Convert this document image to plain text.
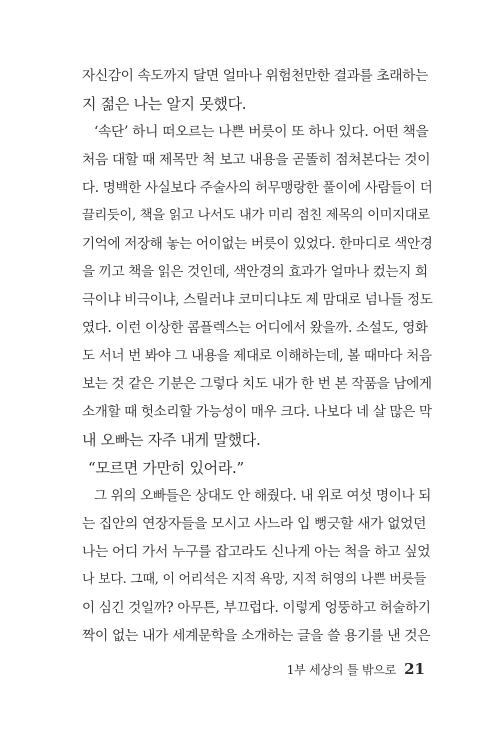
자신감이 속도까지 달면 얼마나 위험천만한 결과를 초래하는
지 젊은 나는 알지 못했다.
‘속단’ 하니 떠오르는 나쁜 버릇이 또 하나 있다. 어떤 책을
처음 대할 때 제목만 척 보고 내용을 곧똘히 점쳐본다는 것이
다. 명백한 사실보다 주술사의 허무맹랑한 풀이에 사람들이 더
끌리듯이, 책을 읽고 나서도 내가 미리 점친 제목의 이미지대로
기억에 저장해 놓는 어이없는 버릇이 있었다. 한마디로 색안경
을 끼고 책을 읽은 것인데, 색안경의 효과가 얼마나 컸는지 희
극이냐 비극이냐, 스릴러냐 코미디냐도 제 맘대로 넘나들 정도
였다. 이런 이상한 콤플렉스는 어디에서 왔을까. 소설도, 영화
도 서너 번 봐야 그 내용을 제대로 이해하는데, 볼 때마다 처음
보는 것 같은 기분은 그렇다 치도 내가 한 번 본 작품을 남에게
소개할 때 헛소리할 가능성이 매우 크다. 나보다 네 살 많은 막
내 오빠는 자주 내게 말했다.
“모르면 가만히 있어라.”
그 위의 오빠들은 상대도 안 해줬다. 내 위로 여섯 명이나 되
는 집안의 연장자들을 모시고 사느라 입 뻥긋할 새가 없었던
나는 어디 가서 누구를 잡고라도 신나게 아는 척을 하고 싶었
나 보다. 그때, 이 어리석은 지적 욕망, 지적 허영의 나쁜 버릇들
이 심긴 것일까? 아무튼, 부끄럽다. 이렇게 엉뚱하고 허술하기
짝이 없는 내가 세계문학을 소개하는 글을 쓸 용기를 낸 것은
1부 세상의 틀 밖으로 21
